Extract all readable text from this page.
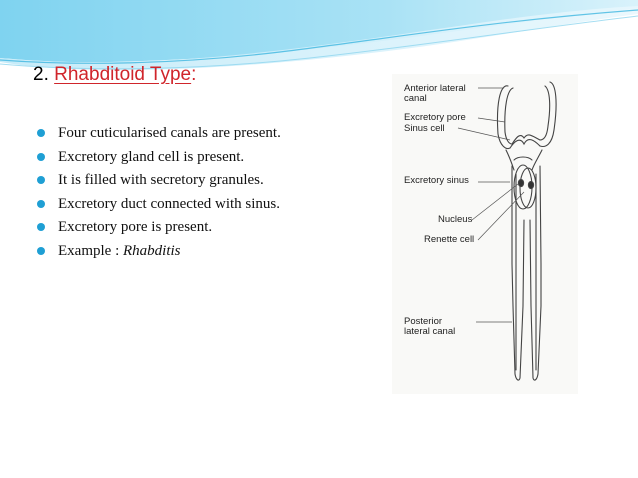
2. Rhabditoid Type:
Four cuticularised canals are present.
Excretory gland cell is present.
It is filled with secretory granules.
Excretory duct connected with sinus.
Excretory pore is present.
Example : Rhabditis
Anterior lateral
canal
Excretory pore
Sinus cell
Excretory sinus
Nucleus
Renette cell
Posterior
lateral canal
